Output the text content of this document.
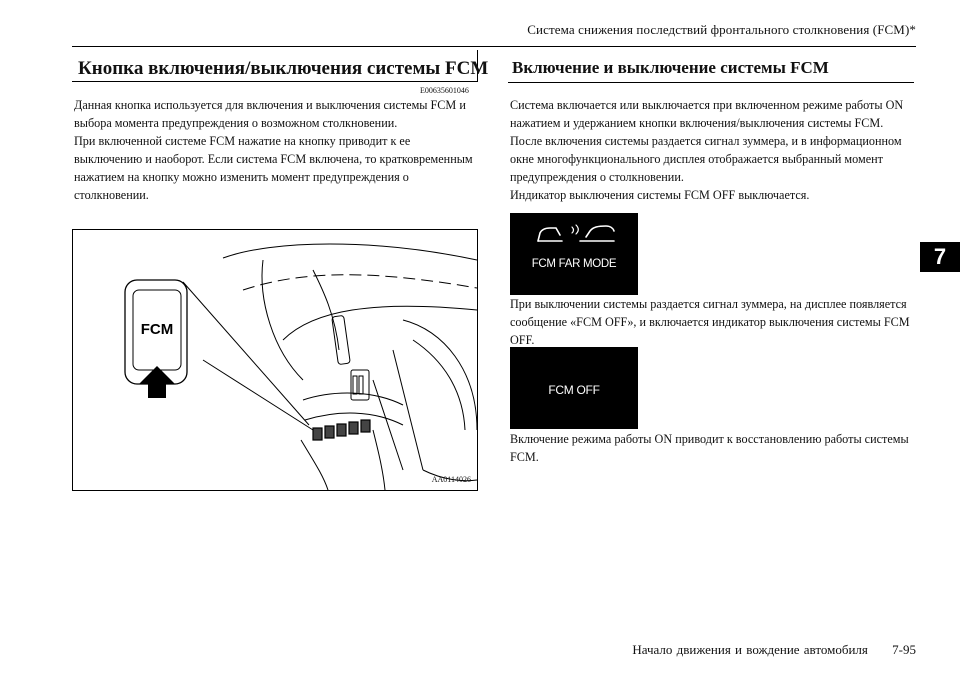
Система снижения последствий фронтального столкновения (FCM)*
Кнопка включения/выключения системы FCM
E00635601046

Данная кнопка используется для включения и выключения системы FCM и выбора момента предупреждения о возможном столкновении.

При включенной системе FCM нажатие на кнопку приводит к ее выключению и наоборот. Если система FCM включена, то кратковременным нажатием на кнопку можно изменить момент предупреждения о столкновении.

FCM
AA0114026
Включение и выключение системы FCM

Система включается или выключается при включенном режиме работы ON нажатием и удержанием кнопки включения/выключения системы FCM.

После включения системы раздается сигнал зуммера, и в информационном окне многофункционального дисплея отображается выбранный момент предупреждения о столкновении.

Индикатор выключения системы FCM OFF выключается.

FCM FAR MODE

При выключении системы раздается сигнал зуммера, на дисплее появляется сообщение «FCM OFF», и включается индикатор выключения системы FCM OFF.

FCM OFF

Включение режима работы ON приводит к восстановлению работы системы FCM.

7
Начало движения и вождение автомобиля 7-95
